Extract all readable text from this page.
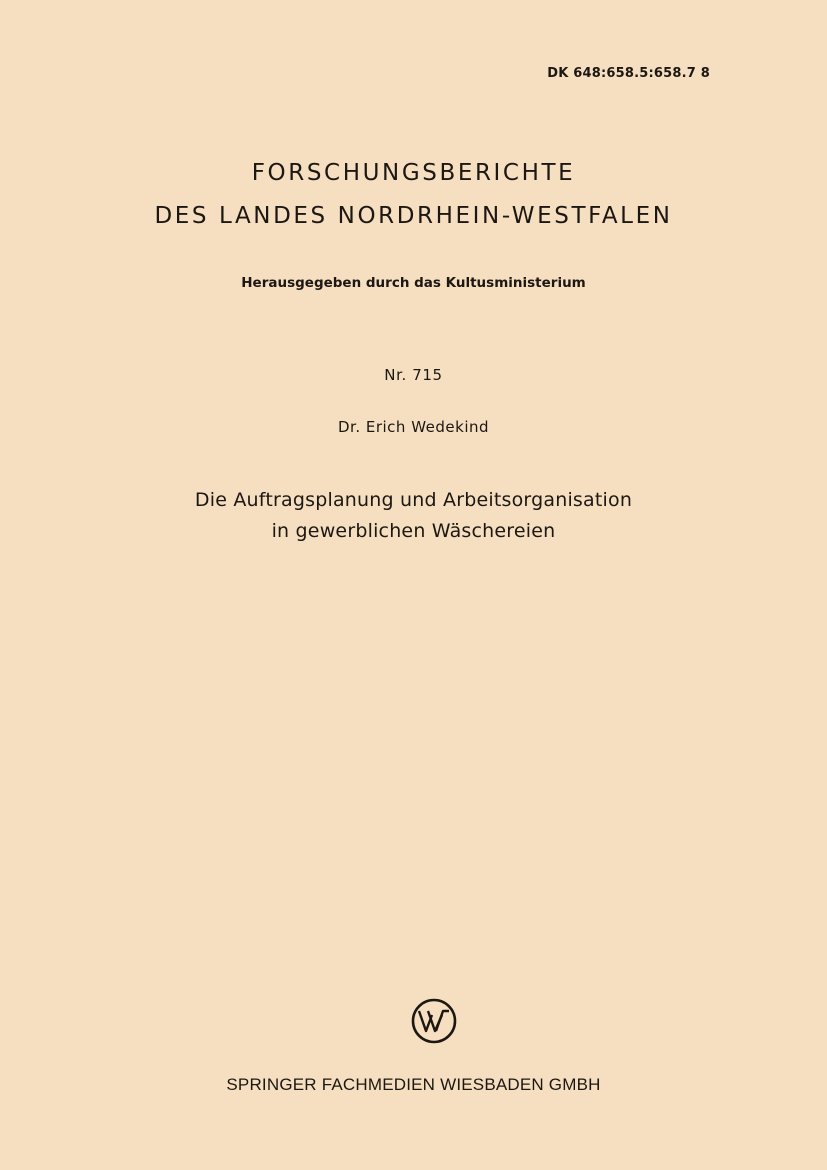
DK 648:658.5:658.7 8
FORSCHUNGSBERICHTE
DES LANDES NORDRHEIN-WESTFALEN
Herausgegeben durch das Kultusministerium
Nr. 715
Dr. Erich Wedekind
Die Auftragsplanung und Arbeitsorganisation
in gewerblichen Wäschereien
SPRINGER FACHMEDIEN WIESBADEN GMBH
